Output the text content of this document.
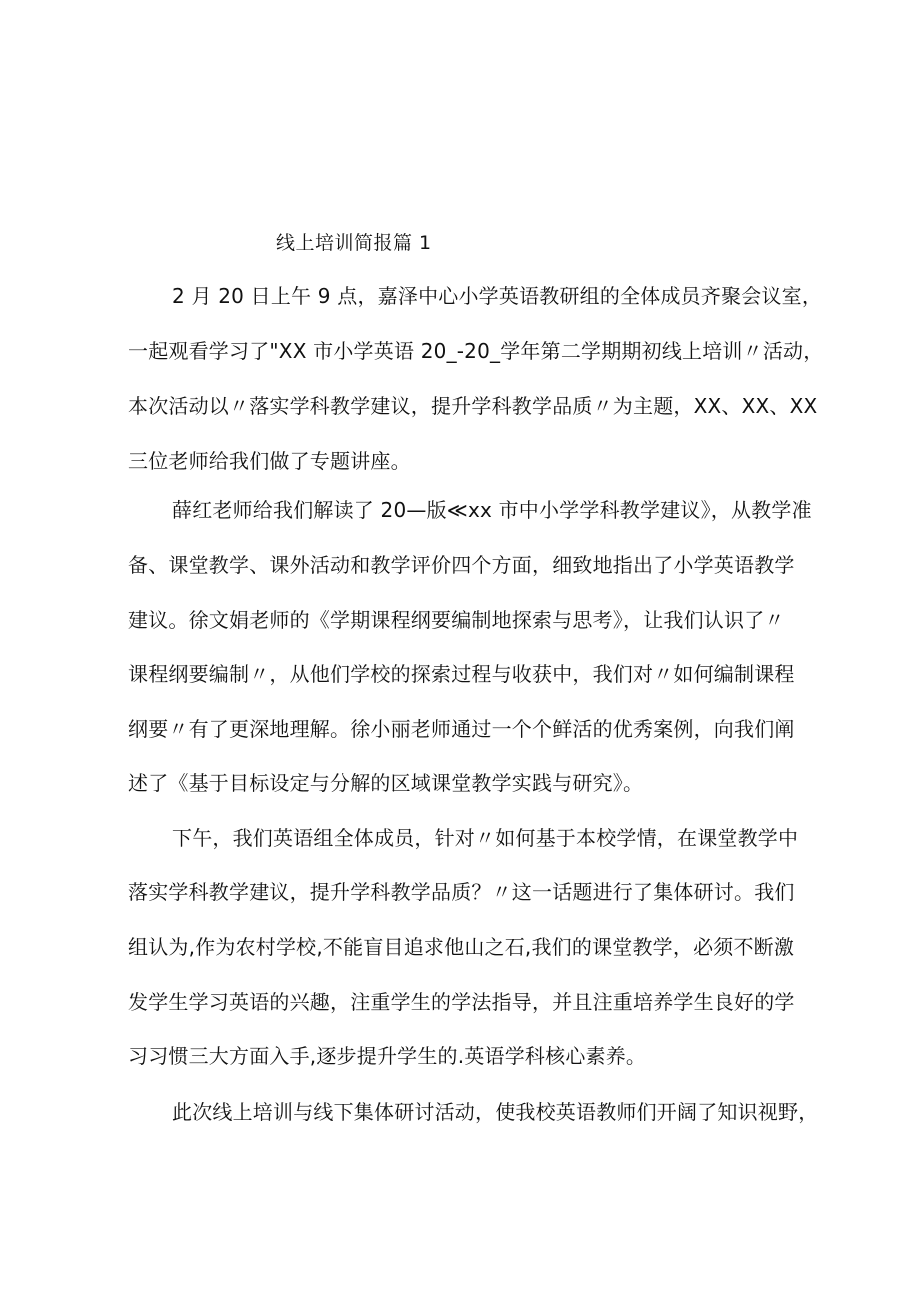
线上培训简报篇 1
2 月 20 日上午 9 点，嘉泽中心小学英语教研组的全体成员齐聚会议室，
一起观看学习了"XX 市小学英语 20_-20_学年第二学期期初线上培训〃活动，
本次活动以〃落实学科教学建议，提升学科教学品质〃为主题，XX、XX、XX
三位老师给我们做了专题讲座。
薛红老师给我们解读了 20—版≪xx 市中小学学科教学建议》，从教学准
备、课堂教学、课外活动和教学评价四个方面，细致地指出了小学英语教学
建议。徐文娟老师的《学期课程纲要编制地探索与思考》，让我们认识了〃
课程纲要编制〃，从他们学校的探索过程与收获中，我们对〃如何编制课程
纲要〃有了更深地理解。徐小丽老师通过一个个鲜活的优秀案例，向我们阐
述了《基于目标设定与分解的区域课堂教学实践与研究》。
下午，我们英语组全体成员，针对〃如何基于本校学情，在课堂教学中
落实学科教学建议，提升学科教学品质？〃这一话题进行了集体研讨。我们
组认为,作为农村学校,不能盲目追求他山之石,我们的课堂教学，必须不断激
发学生学习英语的兴趣，注重学生的学法指导，并且注重培养学生良好的学
习习惯三大方面入手,逐步提升学生的.英语学科核心素养。
此次线上培训与线下集体研讨活动，使我校英语教师们开阔了知识视野，
